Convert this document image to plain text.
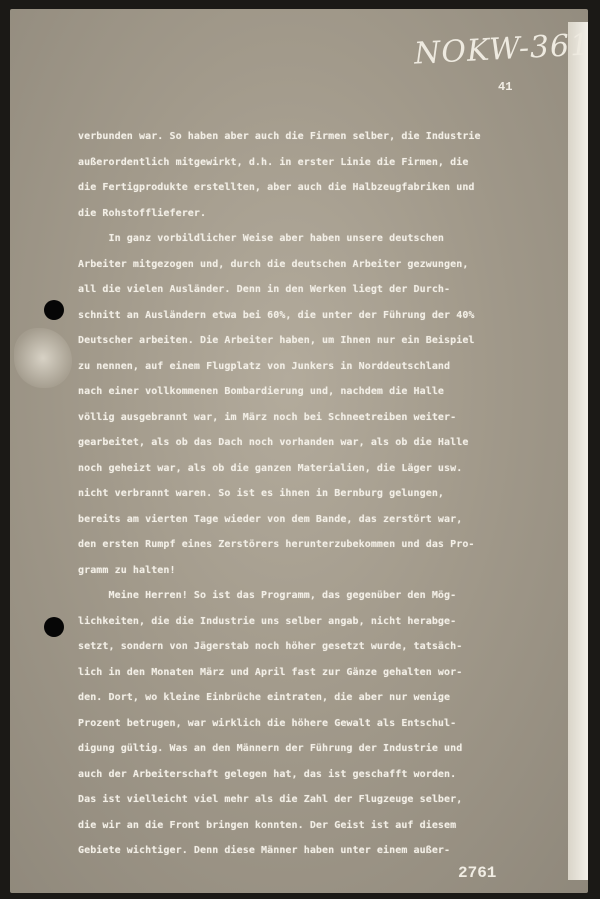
NOKW-361
41
verbunden war. So haben aber auch die Firmen selber, die Industrie
außerordentlich mitgewirkt, d.h. in erster Linie die Firmen, die
die Fertigprodukte erstellten, aber auch die Halbzeugfabriken und
die Rohstofflieferer.
In ganz vorbildlicher Weise aber haben unsere deutschen
Arbeiter mitgezogen und, durch die deutschen Arbeiter gezwungen,
all die vielen Ausländer. Denn in den Werken liegt der Durch-
schnitt an Ausländern etwa bei 60%, die unter der Führung der 40%
Deutscher arbeiten. Die Arbeiter haben, um Ihnen nur ein Beispiel
zu nennen, auf einem Flugplatz von Junkers in Norddeutschland
nach einer vollkommenen Bombardierung und, nachdem die Halle
völlig ausgebrannt war, im März noch bei Schneetreiben weiter-
gearbeitet, als ob das Dach noch vorhanden war, als ob die Halle
noch geheizt war, als ob die ganzen Materialien, die Läger usw.
nicht verbrannt waren. So ist es ihnen in Bernburg gelungen,
bereits am vierten Tage wieder von dem Bande, das zerstört war,
den ersten Rumpf eines Zerstörers herunterzubekommen und das Pro-
gramm zu halten!
Meine Herren! So ist das Programm, das gegenüber den Mög-
lichkeiten, die die Industrie uns selber angab, nicht herabge-
setzt, sondern von Jägerstab noch höher gesetzt wurde, tatsäch-
lich in den Monaten März und April fast zur Gänze gehalten wor-
den. Dort, wo kleine Einbrüche eintraten, die aber nur wenige
Prozent betrugen, war wirklich die höhere Gewalt als Entschul-
digung gültig. Was an den Männern der Führung der Industrie und
auch der Arbeiterschaft gelegen hat, das ist geschafft worden.
Das ist vielleicht viel mehr als die Zahl der Flugzeuge selber,
die wir an die Front bringen konnten. Der Geist ist auf diesem
Gebiete wichtiger. Denn diese Männer haben unter einem außer-
2761
